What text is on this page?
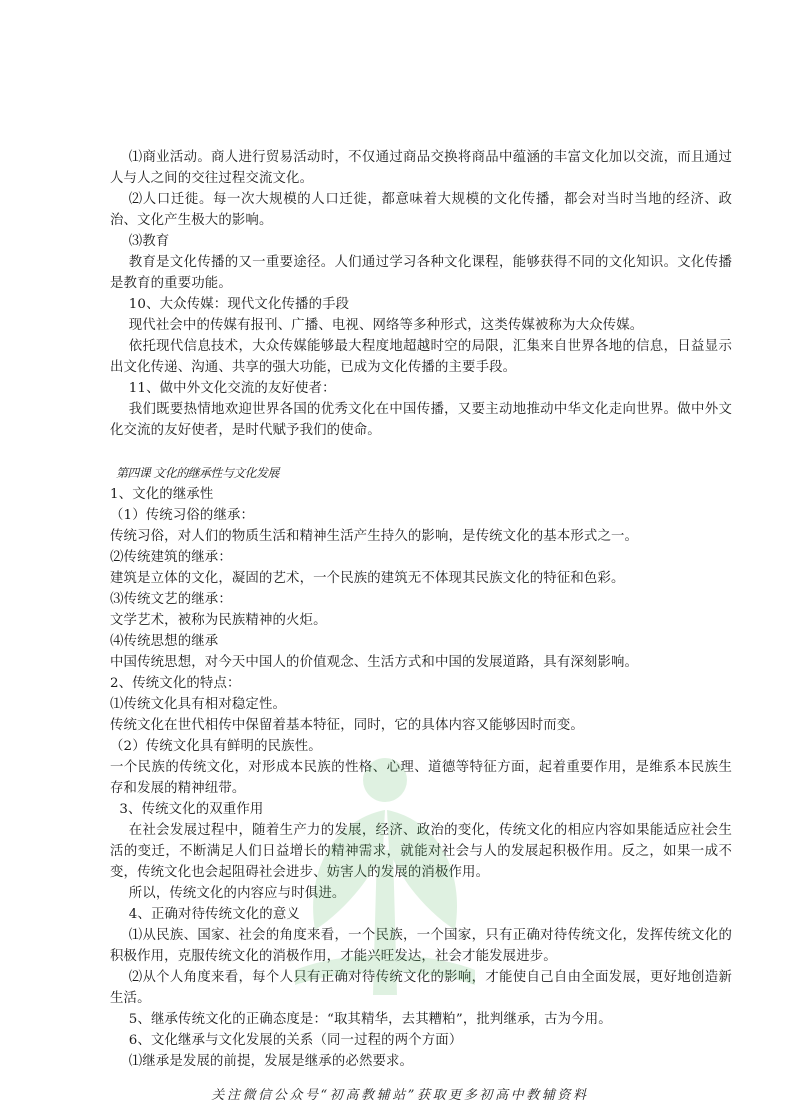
⑴商业活动。商人进行贸易活动时，不仅通过商品交换将商品中蕴涵的丰富文化加以交流，而且通过人与人之间的交往过程交流文化。

⑵人口迁徙。每一次大规模的人口迁徙，都意味着大规模的文化传播，都会对当时当地的经济、政治、文化产生极大的影响。

⑶教育

教育是文化传播的又一重要途径。人们通过学习各种文化课程，能够获得不同的文化知识。文化传播是教育的重要功能。

10、大众传媒：现代文化传播的手段

现代社会中的传媒有报刊、广播、电视、网络等多种形式，这类传媒被称为大众传媒。

依托现代信息技术，大众传媒能够最大程度地超越时空的局限，汇集来自世界各地的信息，日益显示出文化传递、沟通、共享的强大功能，已成为文化传播的主要手段。

11、做中外文化交流的友好使者：

我们既要热情地欢迎世界各国的优秀文化在中国传播，又要主动地推动中华文化走向世界。做中外文化交流的友好使者，是时代赋予我们的使命。

第四课 文化的继承性与文化发展

1、文化的继承性

（1）传统习俗的继承：

传统习俗，对人们的物质生活和精神生活产生持久的影响，是传统文化的基本形式之一。

⑵传统建筑的继承：

建筑是立体的文化，凝固的艺术，一个民族的建筑无不体现其民族文化的特征和色彩。

⑶传统文艺的继承：

文学艺术，被称为民族精神的火炬。

⑷传统思想的继承

中国传统思想，对今天中国人的价值观念、生活方式和中国的发展道路，具有深刻影响。

2、传统文化的特点：

⑴传统文化具有相对稳定性。

传统文化在世代相传中保留着基本特征，同时，它的具体内容又能够因时而变。

（2）传统文化具有鲜明的民族性。

一个民族的传统文化，对形成本民族的性格、心理、道德等特征方面，起着重要作用，是维系本民族生存和发展的精神纽带。

3、传统文化的双重作用

在社会发展过程中，随着生产力的发展，经济、政治的变化，传统文化的相应内容如果能适应社会生活的变迁，不断满足人们日益增长的精神需求，就能对社会与人的发展起积极作用。反之，如果一成不变，传统文化也会起阻碍社会进步、妨害人的发展的消极作用。

所以，传统文化的内容应与时俱进。

4、正确对待传统文化的意义

⑴从民族、国家、社会的角度来看，一个民族，一个国家，只有正确对待传统文化，发挥传统文化的积极作用，克服传统文化的消极作用，才能兴旺发达，社会才能发展进步。

⑵从个人角度来看，每个人只有正确对待传统文化的影响，才能使自己自由全面发展，更好地创造新生活。

5、继承传统文化的正确态度是：“取其精华，去其糟粕”，批判继承，古为今用。

6、文化继承与文化发展的关系（同一过程的两个方面）

⑴继承是发展的前提，发展是继承的必然要求。

关注微信公众号“初高教辅站”获取更多初高中教辅资料
